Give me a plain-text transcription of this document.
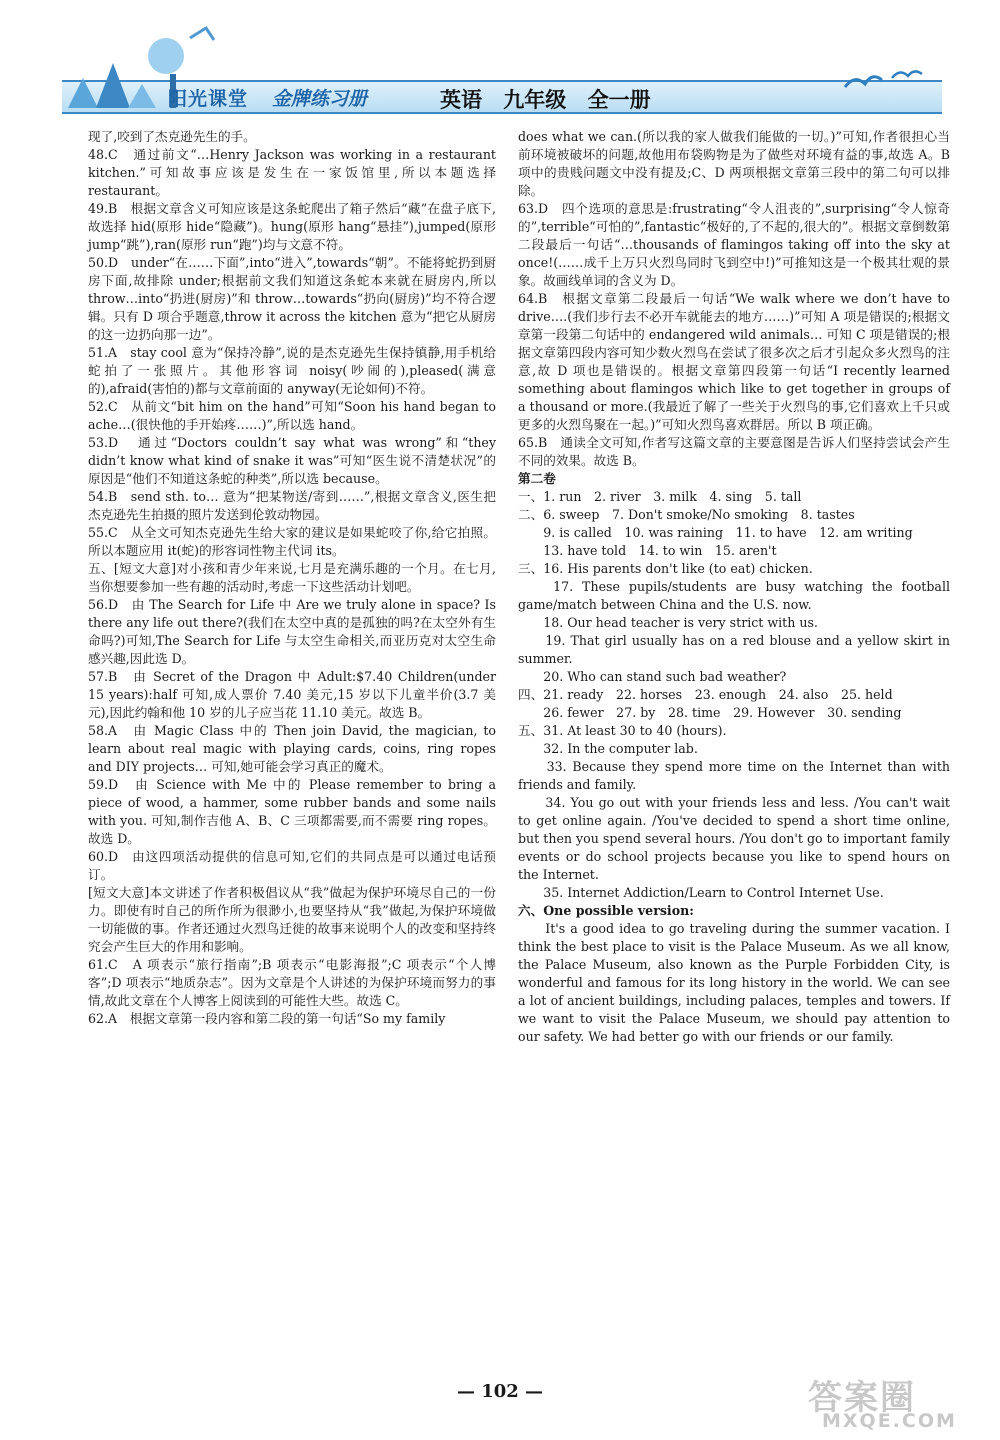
阳光课堂 金牌练习册	英语 九年级 全一册

现了,咬到了杰克逊先生的手。

48.C　通过前文“…Henry Jackson was working in a restaurant kitchen.”可知故事应该是发生在一家饭馆里,所以本题选择 restaurant。

49.B　根据文章含义可知应该是这条蛇爬出了箱子然后“藏”在盘子底下,故选择 hid(原形 hide“隐藏”)。hung(原形 hang“悬挂”),jumped(原形 jump“跳”),ran(原形 run“跑”)均与文意不符。

50.D　under“在……下面”,into“进入”,towards“朝”。不能将蛇扔到厨房下面,故排除 under;根据前文我们知道这条蛇本来就在厨房内,所以 throw…into“扔进(厨房)”和 throw…towards“扔向(厨房)”均不符合逻辑。只有 D 项合乎题意,throw it across the kitchen 意为“把它从厨房的这一边扔向那一边”。

51.A　stay cool 意为“保持冷静”,说的是杰克逊先生保持镇静,用手机给蛇拍了一张照片。其他形容词 noisy(吵闹的),pleased(满意的),afraid(害怕的)都与文章前面的 anyway(无论如何)不符。

52.C　从前文“bit him on the hand”可知“Soon his hand began to ache…(很快他的手开始疼……)”,所以选 hand。

53.D　通过“Doctors couldn’t say what was wrong”和“they didn’t know what kind of snake it was”可知“医生说不清楚状况”的原因是“他们不知道这条蛇的种类”,所以选 because。

54.B　send sth. to… 意为“把某物送/寄到……”,根据文章含义,医生把杰克逊先生拍摄的照片发送到伦敦动物园。

55.C　从全文可知杰克逊先生给大家的建议是如果蛇咬了你,给它拍照。所以本题应用 it(蛇)的形容词性物主代词 its。

五、[短文大意]对小孩和青少年来说,七月是充满乐趣的一个月。在七月,当你想要参加一些有趣的活动时,考虑一下这些活动计划吧。

56.D　由 The Search for Life 中 Are we truly alone in space? Is there any life out there?(我们在太空中真的是孤独的吗?在太空外有生命吗?)可知,The Search for Life 与太空生命相关,而亚历克对太空生命感兴趣,因此选 D。

57.B　由 Secret of the Dragon 中 Adult:$7.40 Children(under 15 years):half 可知,成人票价 7.40 美元,15 岁以下儿童半价(3.7 美元),因此约翰和他 10 岁的儿子应当花 11.10 美元。故选 B。

58.A　由 Magic Class 中的 Then join David, the magician, to learn about real magic with playing cards, coins, ring ropes and DIY projects… 可知,她可能会学习真正的魔术。

59.D　由 Science with Me 中的 Please remember to bring a piece of wood, a hammer, some rubber bands and some nails with you. 可知,制作吉他 A、B、C 三项都需要,而不需要 ring ropes。故选 D。

60.D　由这四项活动提供的信息可知,它们的共同点是可以通过电话预订。

[短文大意]本文讲述了作者积极倡议从“我”做起为保护环境尽自己的一份力。即使有时自己的所作所为很渺小,也要坚持从“我”做起,为保护环境做一切能做的事。作者还通过火烈鸟迁徙的故事来说明个人的改变和坚持终究会产生巨大的作用和影响。

61.C　A 项表示“旅行指南”;B 项表示“电影海报”;C 项表示“个人博客”;D 项表示“地质杂志”。因为文章是个人讲述的为保护环境而努力的事情,故此文章在个人博客上阅读到的可能性大些。故选 C。

62.A　根据文章第一段内容和第二段的第一句话“So my family

does what we can.(所以我的家人做我们能做的一切。)”可知,作者很担心当前环境被破坏的问题,故他用布袋购物是为了做些对环境有益的事,故选 A。B 项中的贵贱问题文中没有提及;C、D 两项根据文章第三段中的第二句可以排除。

63.D　四个选项的意思是:frustrating“令人沮丧的”,surprising“令人惊奇的”,terrible“可怕的”,fantastic“极好的,了不起的,很大的”。根据文章倒数第二段最后一句话“…thousands of flamingos taking off into the sky at once!(……成千上万只火烈鸟同时飞到空中!)”可推知这是一个极其壮观的景象。故画线单词的含义为 D。

64.B　根据文章第二段最后一句话“We walk where we don’t have to drive….(我们步行去不必开车就能去的地方……)”可知 A 项是错误的;根据文章第一段第二句话中的 endangered wild animals… 可知 C 项是错误的;根据文章第四段内容可知少数火烈鸟在尝试了很多次之后才引起众多火烈鸟的注意,故 D 项也是错误的。根据文章第四段第一句话“I recently learned something about flamingos which like to get together in groups of a thousand or more.(我最近了解了一些关于火烈鸟的事,它们喜欢上千只或更多的火烈鸟聚在一起。)”可知火烈鸟喜欢群居。所以 B 项正确。

65.B　通读全文可知,作者写这篇文章的主要意图是告诉人们坚持尝试会产生不同的效果。故选 B。

第二卷

一、1. run　2. river　3. milk　4. sing　5. tall

二、6. sweep　7. Don't smoke/No smoking　8. tastes

　　9. is called　10. was raining　11. to have　12. am writing

　　13. have told　14. to win　15. aren't

三、16. His parents don't like (to eat) chicken.

　　17. These pupils/students are busy watching the football game/match between China and the U.S. now.

　　18. Our head teacher is very strict with us.

　　19. That girl usually has on a red blouse and a yellow skirt in summer.

　　20. Who can stand such bad weather?

四、21. ready　22. horses　23. enough　24. also　25. held

　　26. fewer　27. by　28. time　29. However　30. sending

五、31. At least 30 to 40 (hours).

　　32. In the computer lab.

　　33. Because they spend more time on the Internet than with friends and family.

　　34. You go out with your friends less and less. /You can't wait to get online again. /You've decided to spend a short time online, but then you spend several hours. /You don't go to important family events or do school projects because you like to spend hours on the Internet.

　　35. Internet Addiction/Learn to Control Internet Use.

六、One possible version:

　　It's a good idea to go traveling during the summer vacation. I think the best place to visit is the Palace Museum. As we all know, the Palace Museum, also known as the Purple Forbidden City, is wonderful and famous for its long history in the world. We can see a lot of ancient buildings, including palaces, temples and towers. If we want to visit the Palace Museum, we should pay attention to our safety. We had better go with our friends or our family.

— 102 —	答案圈
MXQE.COM
